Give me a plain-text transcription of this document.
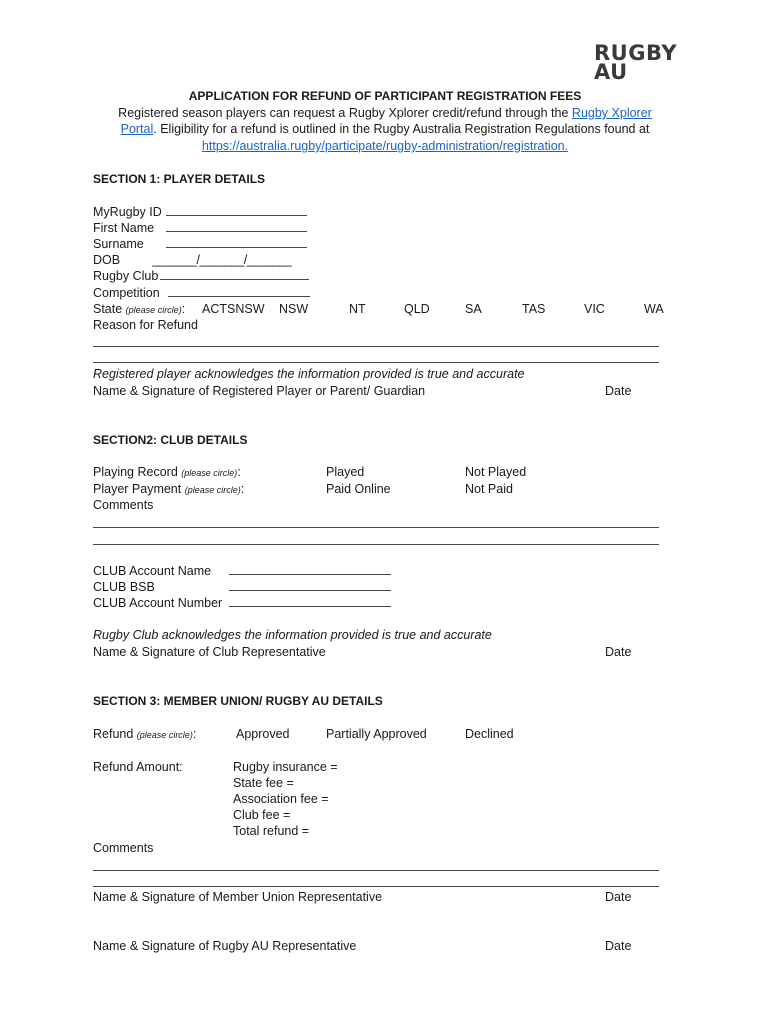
RUGBY
AU
APPLICATION FOR REFUND OF PARTICIPANT REGISTRATION FEES
Registered season players can request a Rugby Xplorer credit/refund through the Rugby Xplorer
Portal. Eligibility for a refund is outlined in the Rugby Australia Registration Regulations found at
https://australia.rugby/participate/rugby-administration/registration.
SECTION 1: PLAYER DETAILS
MyRugby ID
First Name
Surname
DOB	_______/_______/_______
Rugby Club
Competition
State (please circle): ACTSNSW NSW	NT	QLD	SA	TAS	VIC	WA
Reason for Refund
Registered player acknowledges the information provided is true and accurate
Name & Signature of Registered Player or Parent/ Guardian	Date
SECTION2: CLUB DETAILS
Playing Record (please circle):	Played	Not Played
Player Payment (please circle):	Paid Online	Not Paid
Comments
CLUB Account Name
CLUB BSB
CLUB Account Number
Rugby Club acknowledges the information provided is true and accurate
Name & Signature of Club Representative	Date
SECTION 3: MEMBER UNION/ RUGBY AU DETAILS
Refund (please circle):	Approved	Partially Approved	Declined
Refund Amount:	Rugby insurance =
State fee =
Association fee =
Club fee =
Total refund =
Comments
Name & Signature of Member Union Representative	Date
Name & Signature of Rugby AU Representative	Date
